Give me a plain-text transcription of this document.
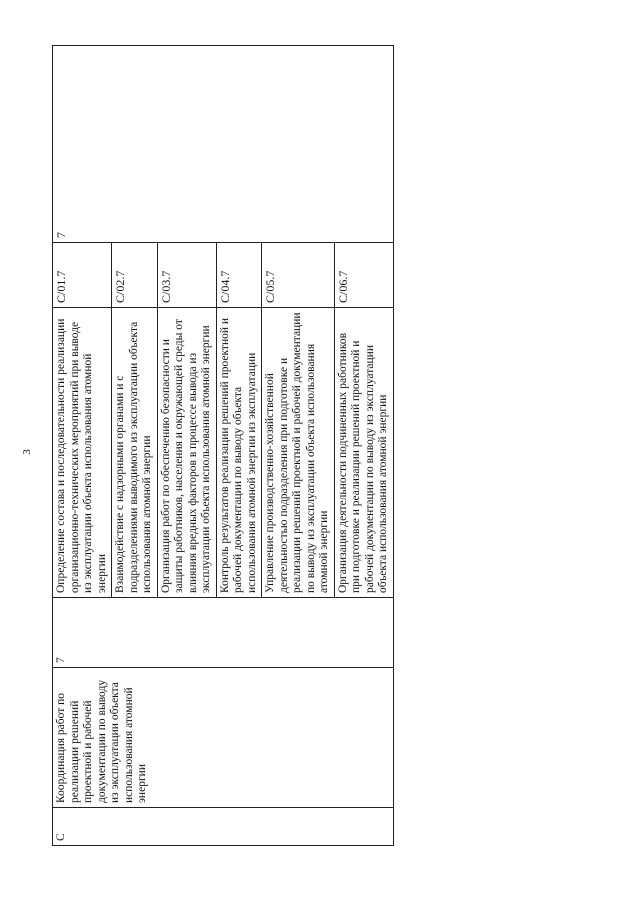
3
C	Координация работ по реализации решений проектной и рабочей документации по выводу из эксплуатации объекта использования атомной энергии	7	Определение состава и последовательности реализации организационно-технических мероприятий при выводе из эксплуатации объекта использования атомной энергии	C/01.7	7
			Взаимодействие с надзорными органами и с подразделениями выводимого из эксплуатации объекта использования атомной энергии	C/02.7	
			Организация работ по обеспечению безопасности и защиты работников, населения и окружающей среды от влияния вредных факторов в процессе вывода из эксплуатации объекта использования атомной энергии	C/03.7	
			Контроль результатов реализации решений проектной и рабочей документации по выводу объекта использования атомной энергии из эксплуатации	C/04.7	
			Управление производственно-хозяйственной деятельностью подразделения при подготовке и реализации решений проектной и рабочей документации по выводу из эксплуатации объекта использования атомной энергии	C/05.7	
			Организация деятельности подчиненных работников при подготовке и реализации решений проектной и рабочей документации по выводу из эксплуатации объекта использования атомной энергии	C/06.7	
